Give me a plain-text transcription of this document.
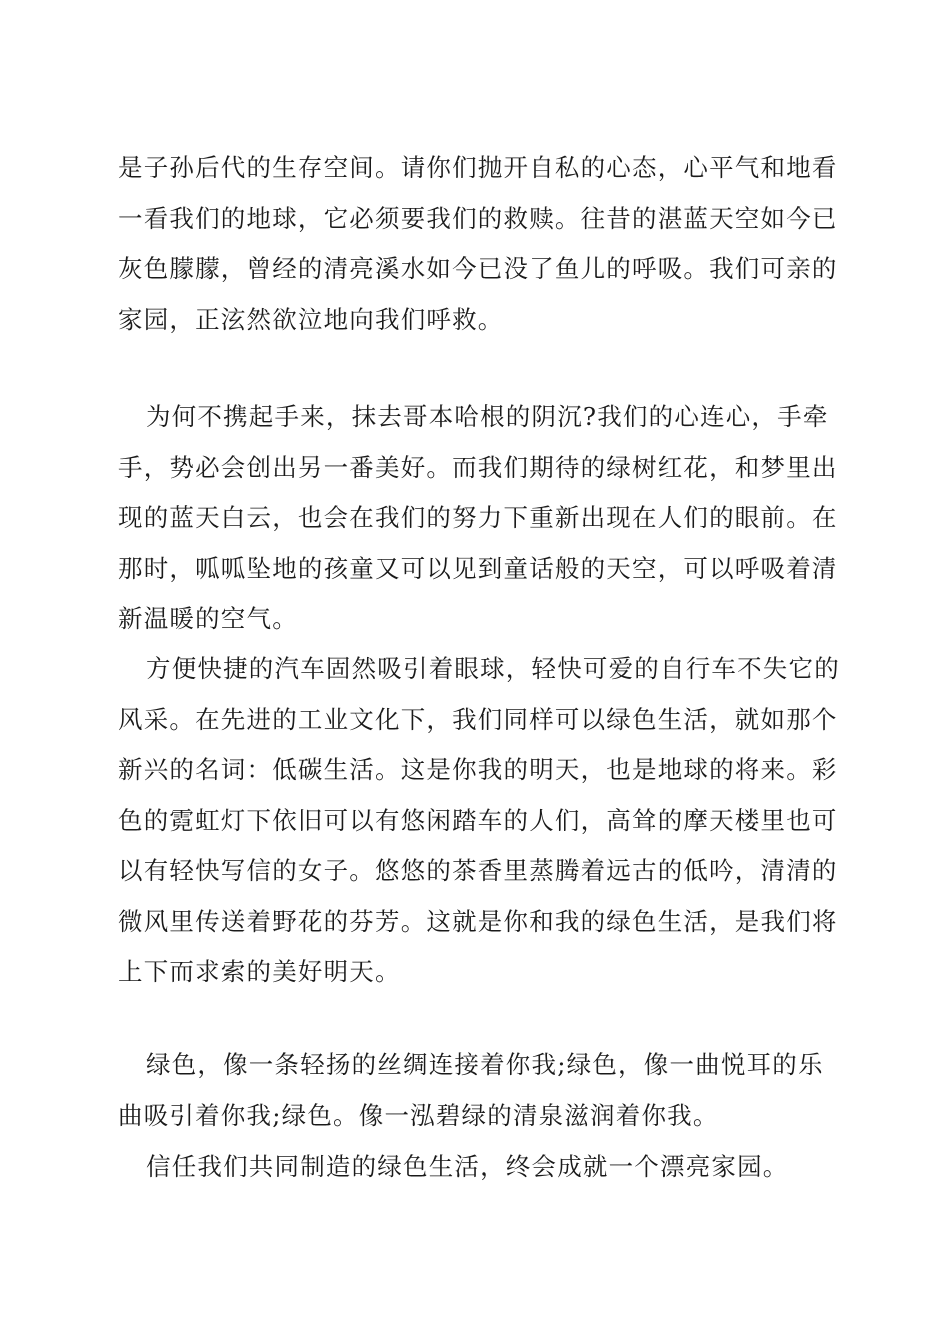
是子孙后代的生存空间。请你们抛开自私的心态，心平气和地看
一看我们的地球，它必须要我们的救赎。往昔的湛蓝天空如今已
灰色朦朦，曾经的清亮溪水如今已没了鱼儿的呼吸。我们可亲的
家园，正泫然欲泣地向我们呼救。
为何不携起手来，抹去哥本哈根的阴沉?我们的心连心，手牵
手，势必会创出另一番美好。而我们期待的绿树红花，和梦里出
现的蓝天白云，也会在我们的努力下重新出现在人们的眼前。在
那时，呱呱坠地的孩童又可以见到童话般的天空，可以呼吸着清
新温暖的空气。
方便快捷的汽车固然吸引着眼球，轻快可爱的自行车不失它的
风采。在先进的工业文化下，我们同样可以绿色生活，就如那个
新兴的名词：低碳生活。这是你我的明天，也是地球的将来。彩
色的霓虹灯下依旧可以有悠闲踏车的人们，高耸的摩天楼里也可
以有轻快写信的女子。悠悠的茶香里蒸腾着远古的低吟，清清的
微风里传送着野花的芬芳。这就是你和我的绿色生活，是我们将
上下而求索的美好明天。
绿色，像一条轻扬的丝绸连接着你我;绿色，像一曲悦耳的乐
曲吸引着你我;绿色。像一泓碧绿的清泉滋润着你我。
信任我们共同制造的绿色生活，终会成就一个漂亮家园。
